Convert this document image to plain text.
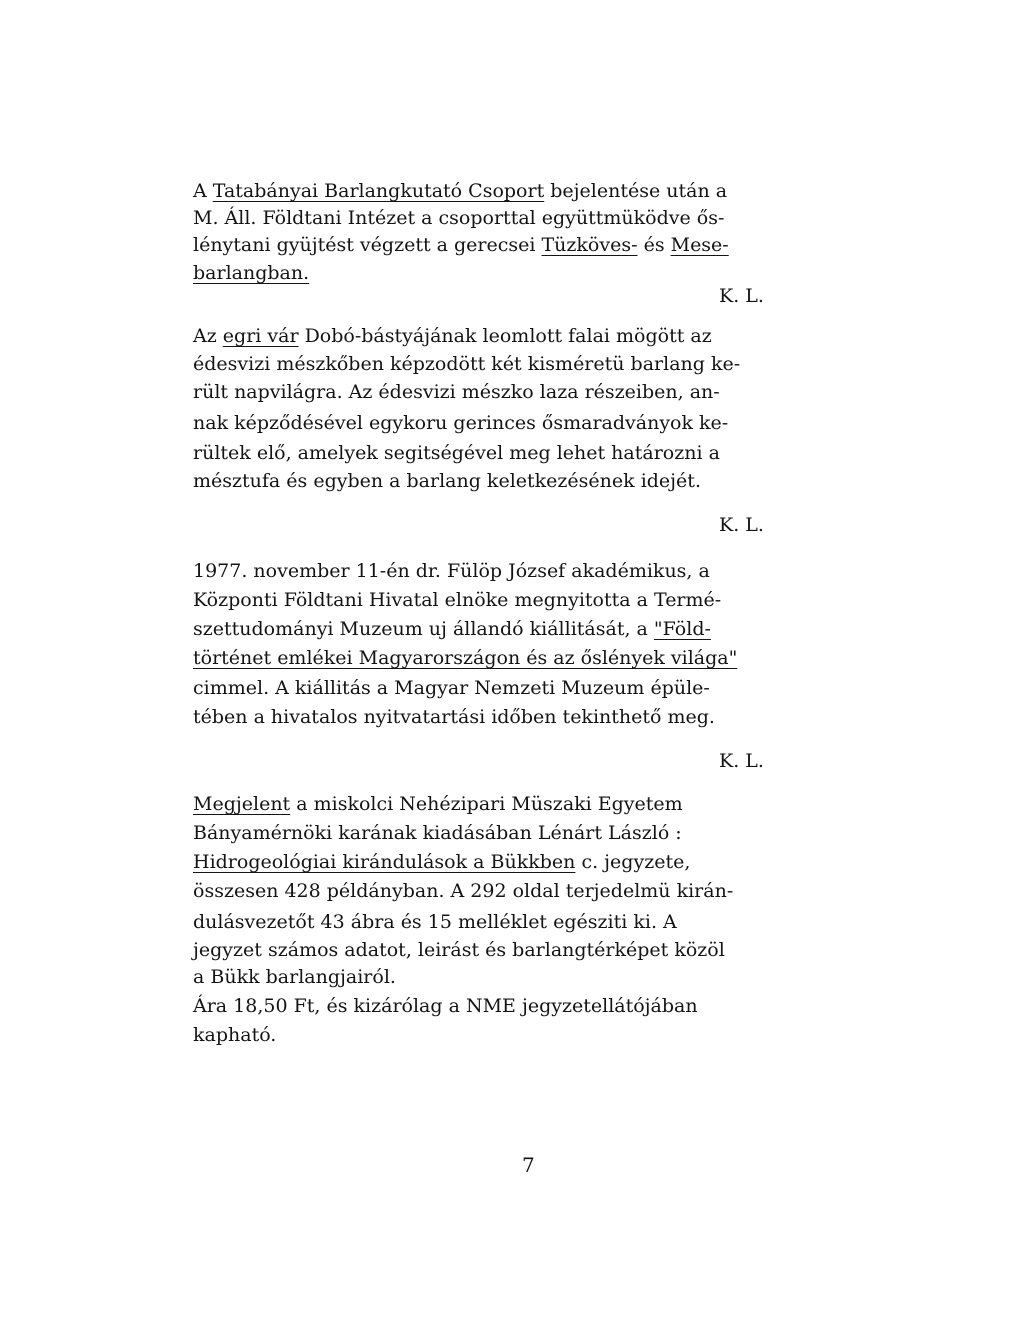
A Tatabányai Barlangkutató Csoport bejelentése után a
M. Áll. Földtani Intézet a csoporttal együttmüködve ős-
lénytani gyüjtést végzett a gerecsei Tüzköves- és Mese-
barlangban.
K. L.
Az egri vár Dobó-bástyájának leomlott falai mögött az
édesvizi mészkőben képzodött két kisméretü barlang ke-
rült napvilágra. Az édesvizi mészko laza részeiben, an-
nak képződésével egykoru gerinces ősmaradványok ke-
rültek elő, amelyek segitségével meg lehet határozni a
mésztufa és egyben a barlang keletkezésének idejét.
K. L.
1977. november 11-én dr. Fülöp József akadémikus, a
Központi Földtani Hivatal elnöke megnyitotta a Termé-
szettudományi Muzeum uj állandó kiállitását, a "Föld-
történet emlékei Magyarországon és az őslények világa"
cimmel. A kiállitás a Magyar Nemzeti Muzeum épüle-
tében a hivatalos nyitvatartási időben tekinthető meg.
K. L.
Megjelent a miskolci Nehézipari Müszaki Egyetem
Bányamérnöki karának kiadásában Lénárt László :
Hidrogeológiai kirándulások a Bükkben c. jegyzete,
összesen 428 példányban. A 292 oldal terjedelmü kirán-
dulásvezetőt 43 ábra és 15 melléklet egésziti ki. A
jegyzet számos adatot, leirást és barlangtérképet közöl
a Bükk barlangjairól.
Ára 18,50 Ft, és kizárólag a NME jegyzetellátójában
kapható.
7
